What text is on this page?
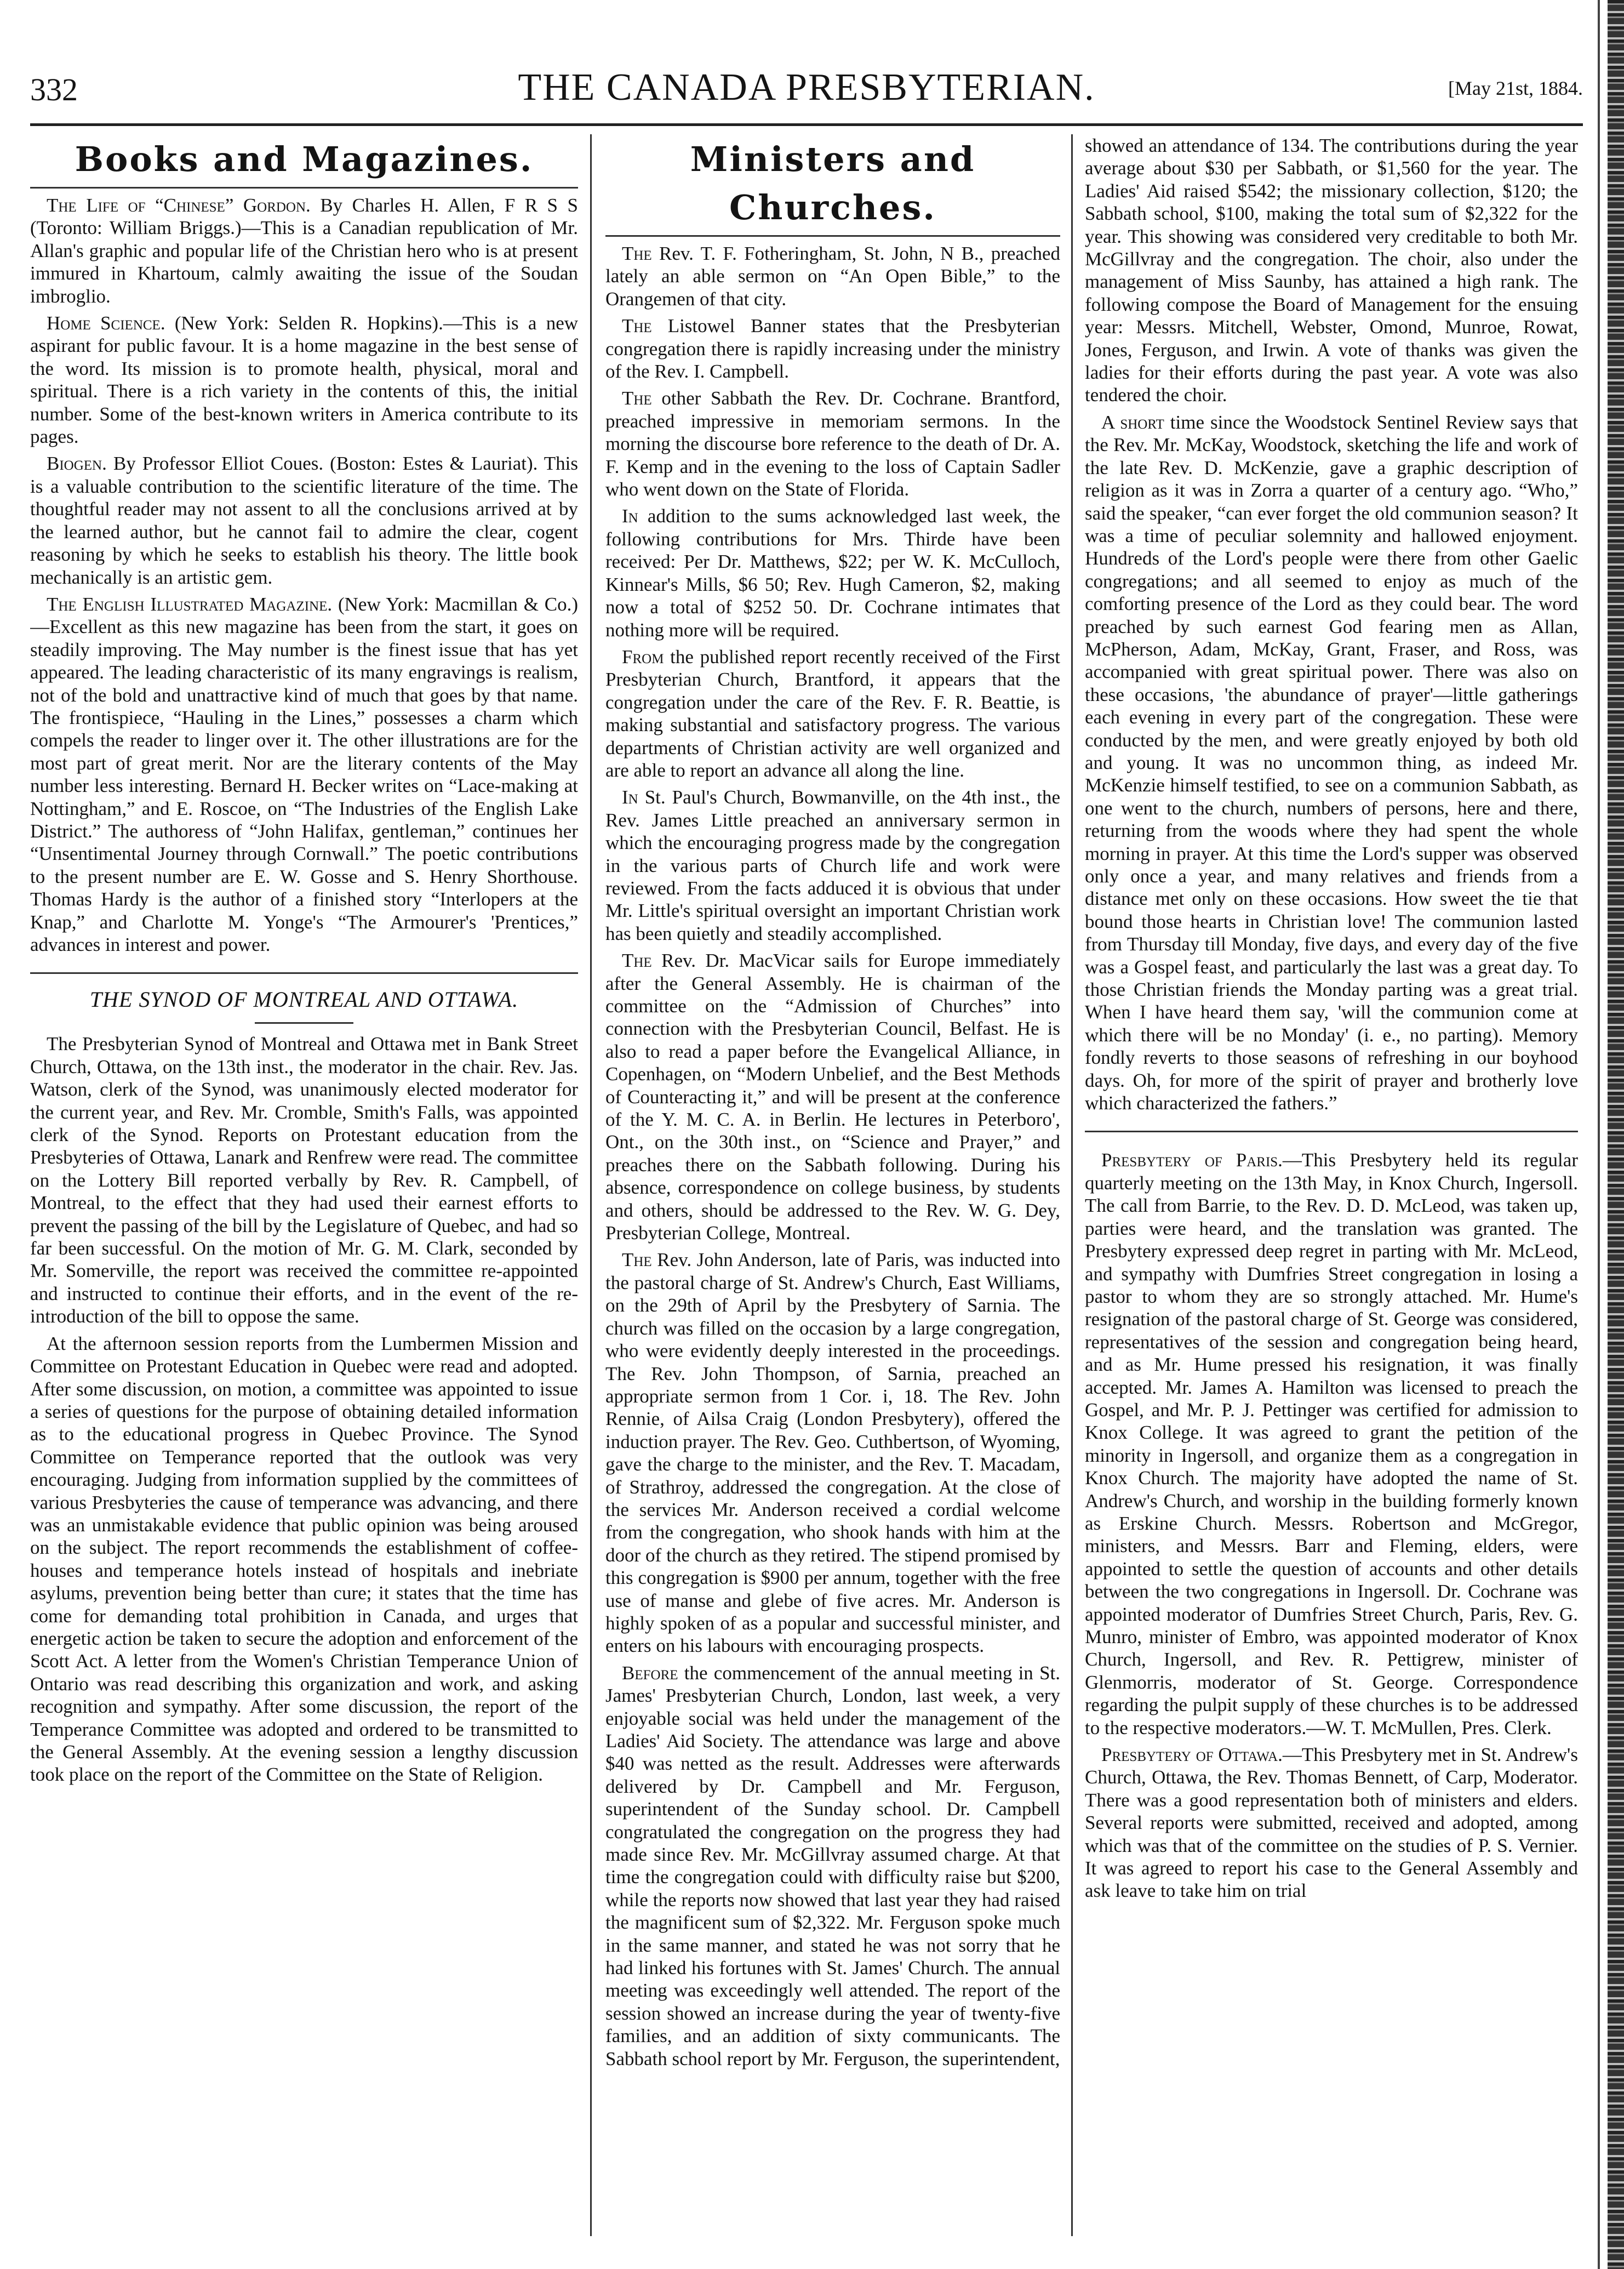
332	THE CANADA PRESBYTERIAN.	[May 21st, 1884.
Books and Magazines.

The Life of “Chinese” Gordon. By Charles H. Allen, F R S S (Toronto: William Briggs.)—This is a Canadian republication of Mr. Allan's graphic and popular life of the Christian hero who is at present immured in Khartoum, calmly awaiting the issue of the Soudan imbroglio.

Home Science. (New York: Selden R. Hopkins).—This is a new aspirant for public favour. It is a home magazine in the best sense of the word. Its mission is to promote health, physical, moral and spiritual. There is a rich variety in the contents of this, the initial number. Some of the best-known writers in America contribute to its pages.

Biogen. By Professor Elliot Coues. (Boston: Estes & Lauriat). This is a valuable contribution to the scientific literature of the time. The thoughtful reader may not assent to all the conclusions arrived at by the learned author, but he cannot fail to admire the clear, cogent reasoning by which he seeks to establish his theory. The little book mechanically is an artistic gem.

The English Illustrated Magazine. (New York: Macmillan & Co.)—Excellent as this new magazine has been from the start, it goes on steadily improving. The May number is the finest issue that has yet appeared. The leading characteristic of its many engravings is realism, not of the bold and unattractive kind of much that goes by that name. The frontispiece, “Hauling in the Lines,” possesses a charm which compels the reader to linger over it. The other illustrations are for the most part of great merit. Nor are the literary contents of the May number less interesting. Bernard H. Becker writes on “Lace-making at Nottingham,” and E. Roscoe, on “The Industries of the English Lake District.” The authoress of “John Halifax, gentleman,” continues her “Unsentimental Journey through Cornwall.” The poetic contributions to the present number are E. W. Gosse and S. Henry Shorthouse. Thomas Hardy is the author of a finished story “Interlopers at the Knap,” and Charlotte M. Yonge's “The Armourer's 'Prentices,” advances in interest and power.

THE SYNOD OF MONTREAL AND OTTAWA.

The Presbyterian Synod of Montreal and Ottawa met in Bank Street Church, Ottawa, on the 13th inst., the moderator in the chair. Rev. Jas. Watson, clerk of the Synod, was unanimously elected moderator for the current year, and Rev. Mr. Cromble, Smith's Falls, was appointed clerk of the Synod. Reports on Protestant education from the Presbyteries of Ottawa, Lanark and Renfrew were read. The committee on the Lottery Bill reported verbally by Rev. R. Campbell, of Montreal, to the effect that they had used their earnest efforts to prevent the passing of the bill by the Legislature of Quebec, and had so far been successful. On the motion of Mr. G. M. Clark, seconded by Mr. Somerville, the report was received the committee re-appointed and instructed to continue their efforts, and in the event of the re-introduction of the bill to oppose the same.

At the afternoon session reports from the Lumbermen Mission and Committee on Protestant Education in Quebec were read and adopted. After some discussion, on motion, a committee was appointed to issue a series of questions for the purpose of obtaining detailed information as to the educational progress in Quebec Province. The Synod Committee on Temperance reported that the outlook was very encouraging. Judging from information supplied by the committees of various Presbyteries the cause of temperance was advancing, and there was an unmistakable evidence that public opinion was being aroused on the subject. The report recommends the establishment of coffee-houses and temperance hotels instead of hospitals and inebriate asylums, prevention being better than cure; it states that the time has come for demanding total prohibition in Canada, and urges that energetic action be taken to secure the adoption and enforcement of the Scott Act. A letter from the Women's Christian Temperance Union of Ontario was read describing this organization and work, and asking recognition and sympathy. After some discussion, the report of the Temperance Committee was adopted and ordered to be transmitted to the General Assembly. At the evening session a lengthy discussion took place on the report of the Committee on the State of Religion.

Ministers and Churches.

The Rev. T. F. Fotheringham, St. John, N B., preached lately an able sermon on “An Open Bible,” to the Orangemen of that city.

The Listowel Banner states that the Presbyterian congregation there is rapidly increasing under the ministry of the Rev. I. Campbell.

The other Sabbath the Rev. Dr. Cochrane. Brantford, preached impressive in memoriam sermons. In the morning the discourse bore reference to the death of Dr. A. F. Kemp and in the evening to the loss of Captain Sadler who went down on the State of Florida.

In addition to the sums acknowledged last week, the following contributions for Mrs. Thirde have been received: Per Dr. Matthews, $22; per W. K. McCulloch, Kinnear's Mills, $6 50; Rev. Hugh Cameron, $2, making now a total of $252 50. Dr. Cochrane intimates that nothing more will be required.

From the published report recently received of the First Presbyterian Church, Brantford, it appears that the congregation under the care of the Rev. F. R. Beattie, is making substantial and satisfactory progress. The various departments of Christian activity are well organized and are able to report an advance all along the line.

In St. Paul's Church, Bowmanville, on the 4th inst., the Rev. James Little preached an anniversary sermon in which the encouraging progress made by the congregation in the various parts of Church life and work were reviewed. From the facts adduced it is obvious that under Mr. Little's spiritual oversight an important Christian work has been quietly and steadily accomplished.

The Rev. Dr. MacVicar sails for Europe immediately after the General Assembly. He is chairman of the committee on the “Admission of Churches” into connection with the Presbyterian Council, Belfast. He is also to read a paper before the Evangelical Alliance, in Copenhagen, on “Modern Unbelief, and the Best Methods of Counteracting it,” and will be present at the conference of the Y. M. C. A. in Berlin. He lectures in Peterboro', Ont., on the 30th inst., on “Science and Prayer,” and preaches there on the Sabbath following. During his absence, correspondence on college business, by students and others, should be addressed to the Rev. W. G. Dey, Presbyterian College, Montreal.

The Rev. John Anderson, late of Paris, was inducted into the pastoral charge of St. Andrew's Church, East Williams, on the 29th of April by the Presbytery of Sarnia. The church was filled on the occasion by a large congregation, who were evidently deeply interested in the proceedings. The Rev. John Thompson, of Sarnia, preached an appropriate sermon from 1 Cor. i, 18. The Rev. John Rennie, of Ailsa Craig (London Presbytery), offered the induction prayer. The Rev. Geo. Cuthbertson, of Wyoming, gave the charge to the minister, and the Rev. T. Macadam, of Strathroy, addressed the congregation. At the close of the services Mr. Anderson received a cordial welcome from the congregation, who shook hands with him at the door of the church as they retired. The stipend promised by this congregation is $900 per annum, together with the free use of manse and glebe of five acres. Mr. Anderson is highly spoken of as a popular and successful minister, and enters on his labours with encouraging prospects.

Before the commencement of the annual meeting in St. James' Presbyterian Church, London, last week, a very enjoyable social was held under the management of the Ladies' Aid Society. The attendance was large and above $40 was netted as the result. Addresses were afterwards delivered by Dr. Campbell and Mr. Ferguson, superintendent of the Sunday school. Dr. Campbell congratulated the congregation on the progress they had made since Rev. Mr. McGillvray assumed charge. At that time the congregation could with difficulty raise but $200, while the reports now showed that last year they had raised the magnificent sum of $2,322. Mr. Ferguson spoke much in the same manner, and stated he was not sorry that he had linked his fortunes with St. James' Church. The annual meeting was exceedingly well attended. The report of the session showed an increase during the year of twenty-five families, and an addition of sixty communicants. The Sabbath school report by Mr. Ferguson, the superintendent,

showed an attendance of 134. The contributions during the year average about $30 per Sabbath, or $1,560 for the year. The Ladies' Aid raised $542; the missionary collection, $120; the Sabbath school, $100, making the total sum of $2,322 for the year. This showing was considered very creditable to both Mr. McGillvray and the congregation. The choir, also under the management of Miss Saunby, has attained a high rank. The following compose the Board of Management for the ensuing year: Messrs. Mitchell, Webster, Omond, Munroe, Rowat, Jones, Ferguson, and Irwin. A vote of thanks was given the ladies for their efforts during the past year. A vote was also tendered the choir.

A short time since the Woodstock Sentinel Review says that the Rev. Mr. McKay, Woodstock, sketching the life and work of the late Rev. D. McKenzie, gave a graphic description of religion as it was in Zorra a quarter of a century ago. “Who,” said the speaker, “can ever forget the old communion season? It was a time of peculiar solemnity and hallowed enjoyment. Hundreds of the Lord's people were there from other Gaelic congregations; and all seemed to enjoy as much of the comforting presence of the Lord as they could bear. The word preached by such earnest God fearing men as Allan, McPherson, Adam, McKay, Grant, Fraser, and Ross, was accompanied with great spiritual power. There was also on these occasions, 'the abundance of prayer'—little gatherings each evening in every part of the congregation. These were conducted by the men, and were greatly enjoyed by both old and young. It was no uncommon thing, as indeed Mr. McKenzie himself testified, to see on a communion Sabbath, as one went to the church, numbers of persons, here and there, returning from the woods where they had spent the whole morning in prayer. At this time the Lord's supper was observed only once a year, and many relatives and friends from a distance met only on these occasions. How sweet the tie that bound those hearts in Christian love! The communion lasted from Thursday till Monday, five days, and every day of the five was a Gospel feast, and particularly the last was a great day. To those Christian friends the Monday parting was a great trial. When I have heard them say, 'will the communion come at which there will be no Monday' (i. e., no parting). Memory fondly reverts to those seasons of refreshing in our boyhood days. Oh, for more of the spirit of prayer and brotherly love which characterized the fathers.”

Presbytery of Paris.—This Presbytery held its regular quarterly meeting on the 13th May, in Knox Church, Ingersoll. The call from Barrie, to the Rev. D. D. McLeod, was taken up, parties were heard, and the translation was granted. The Presbytery expressed deep regret in parting with Mr. McLeod, and sympathy with Dumfries Street congregation in losing a pastor to whom they are so strongly attached. Mr. Hume's resignation of the pastoral charge of St. George was considered, representatives of the session and congregation being heard, and as Mr. Hume pressed his resignation, it was finally accepted. Mr. James A. Hamilton was licensed to preach the Gospel, and Mr. P. J. Pettinger was certified for admission to Knox College. It was agreed to grant the petition of the minority in Ingersoll, and organize them as a congregation in Knox Church. The majority have adopted the name of St. Andrew's Church, and worship in the building formerly known as Erskine Church. Messrs. Robertson and McGregor, ministers, and Messrs. Barr and Fleming, elders, were appointed to settle the question of accounts and other details between the two congregations in Ingersoll. Dr. Cochrane was appointed moderator of Dumfries Street Church, Paris, Rev. G. Munro, minister of Embro, was appointed moderator of Knox Church, Ingersoll, and Rev. R. Pettigrew, minister of Glenmorris, moderator of St. George. Correspondence regarding the pulpit supply of these churches is to be addressed to the respective moderators.—W. T. McMullen, Pres. Clerk.

Presbytery of Ottawa.—This Presbytery met in St. Andrew's Church, Ottawa, the Rev. Thomas Bennett, of Carp, Moderator. There was a good representation both of ministers and elders. Several reports were submitted, received and adopted, among which was that of the committee on the studies of P. S. Vernier. It was agreed to report his case to the General Assembly and ask leave to take him on trial
